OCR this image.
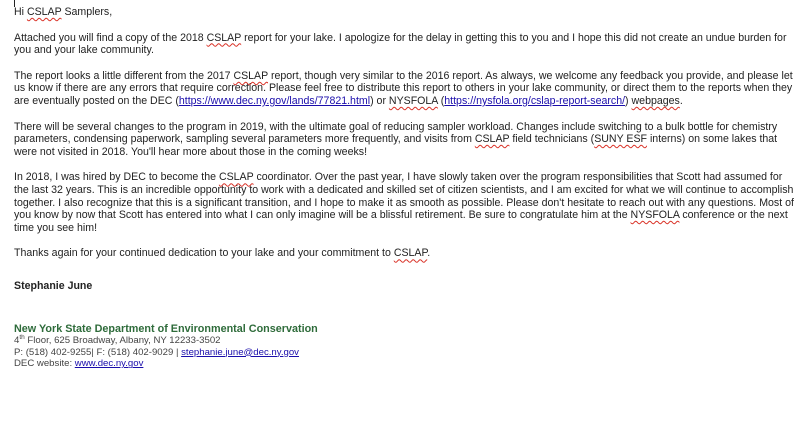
Hi CSLAP Samplers,

Attached you will find a copy of the 2018 CSLAP report for your lake. I apologize for the delay in getting this to you and I hope this did not create an undue burden for you and your lake community.

The report looks a little different from the 2017 CSLAP report, though very similar to the 2016 report. As always, we welcome any feedback you provide, and please let us know if there are any errors that require correction. Please feel free to distribute this report to others in your lake community, or direct them to the reports when they are eventually posted on the DEC (https://www.dec.ny.gov/lands/77821.html) or NYSFOLA (https://nysfola.org/cslap-report-search/) webpages.

There will be several changes to the program in 2019, with the ultimate goal of reducing sampler workload. Changes include switching to a bulk bottle for chemistry parameters, condensing paperwork, sampling several parameters more frequently, and visits from CSLAP field technicians (SUNY ESF interns) on some lakes that were not visited in 2018. You'll hear more about those in the coming weeks!

In 2018, I was hired by DEC to become the CSLAP coordinator. Over the past year, I have slowly taken over the program responsibilities that Scott had assumed for the last 32 years. This is an incredible opportunity to work with a dedicated and skilled set of citizen scientists, and I am excited for what we will continue to accomplish together. I also recognize that this is a significant transition, and I hope to make it as smooth as possible. Please don't hesitate to reach out with any questions. Most of you know by now that Scott has entered into what I can only imagine will be a blissful retirement. Be sure to congratulate him at the NYSFOLA conference or the next time you see him!

Thanks again for your continued dedication to your lake and your commitment to CSLAP.

Stephanie June

New York State Department of Environmental Conservation

4th Floor, 625 Broadway, Albany, NY 12233-3502

P: (518) 402-9255| F: (518) 402-9029 | stephanie.june@dec.ny.gov

DEC website: www.dec.ny.gov
